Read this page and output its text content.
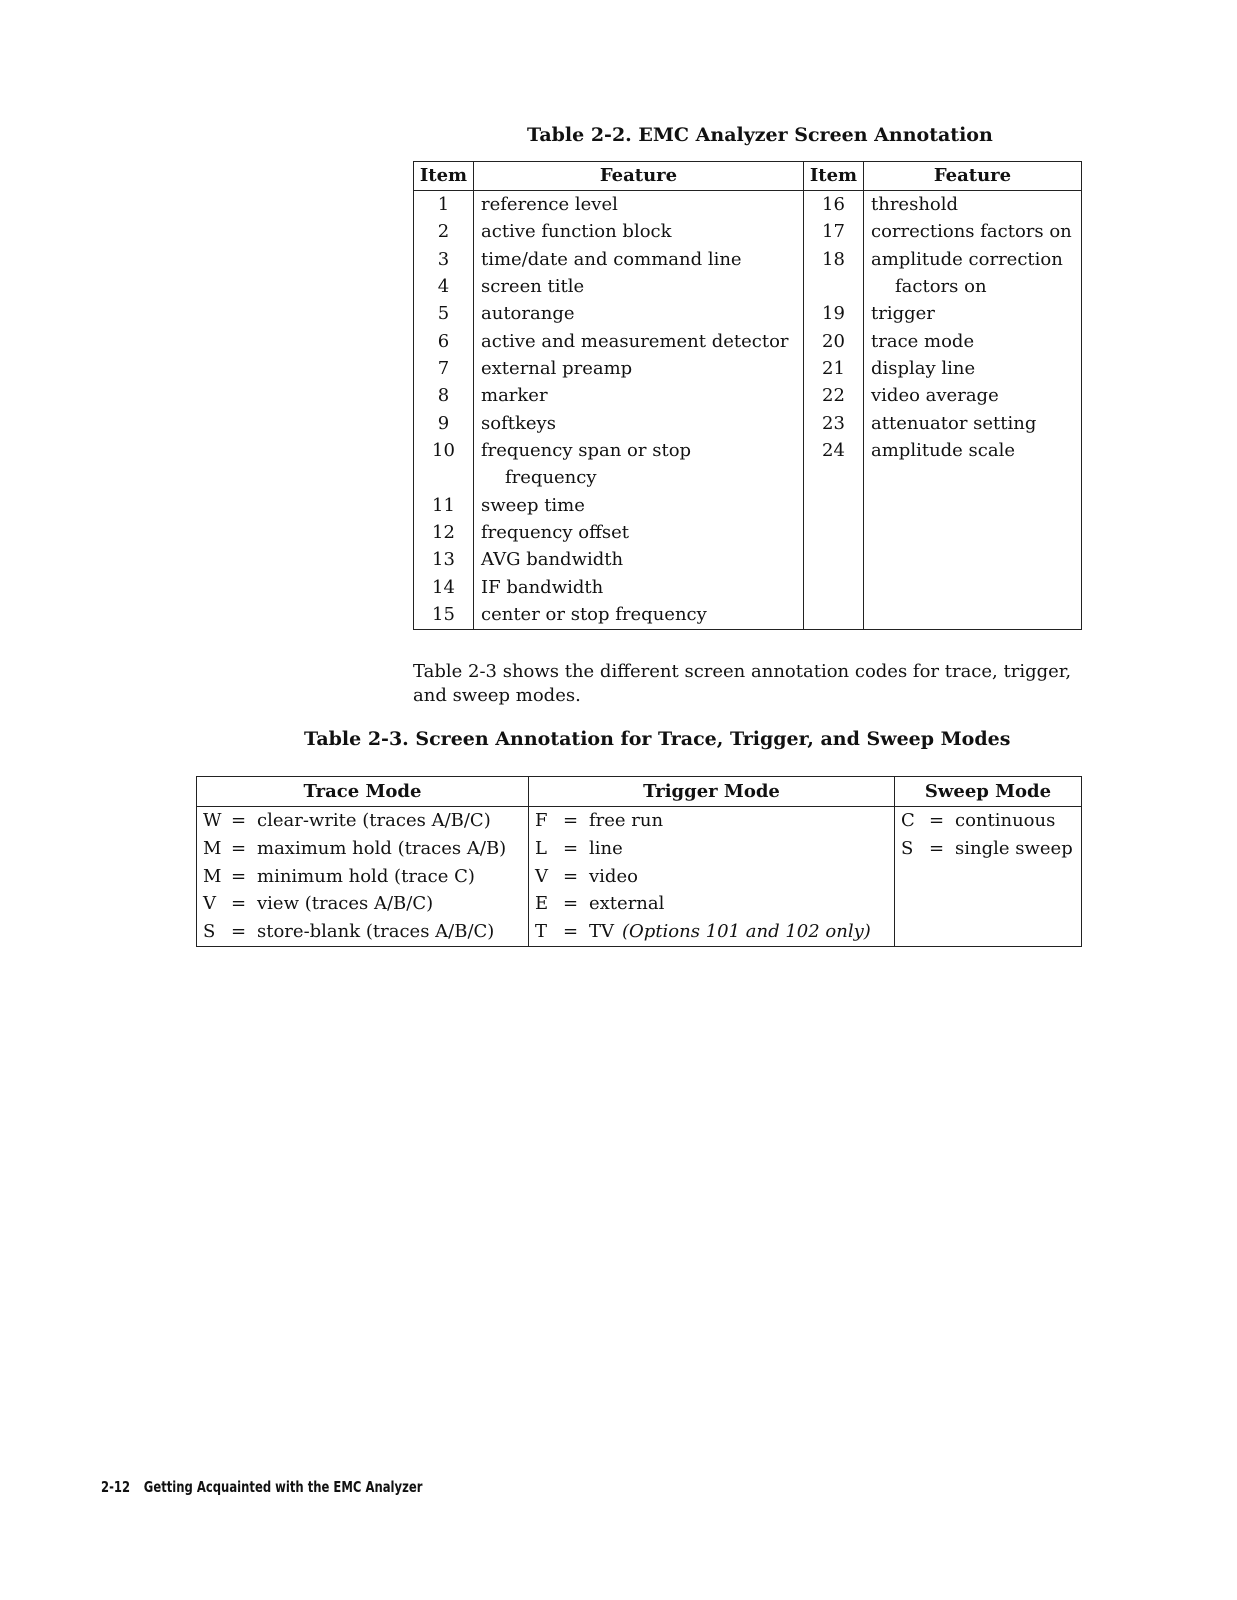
Table 2-2. EMC Analyzer Screen Annotation
Item	Feature	Item	Feature
1	reference level	16	threshold
2	active function block	17	corrections factors on
3	time/date and command line	18	amplitude correction
4	screen title		factors on
5	autorange	19	trigger
6	active and measurement detector	20	trace mode
7	external preamp	21	display line
8	marker	22	video average
9	softkeys	23	attenuator setting
10	frequency span or stop	24	amplitude scale
	frequency		
11	sweep time		
12	frequency offset		
13	AVG bandwidth		
14	IF bandwidth		
15	center or stop frequency		

Table 2-3 shows the different screen annotation codes for trace, trigger, and sweep modes.

Table 2-3. Screen Annotation for Trace, Trigger, and Sweep Modes
Trace Mode	Trigger Mode	Sweep Mode
W = clear-write (traces A/B/C)	F = free run	C = continuous
M = maximum hold (traces A/B)	L = line	S = single sweep
M = minimum hold (trace C)	V = video	
V = view (traces A/B/C)	E = external	
S = store-blank (traces A/B/C)	T = TV (Options 101 and 102 only)	
2-12 Getting Acquainted with the EMC Analyzer
